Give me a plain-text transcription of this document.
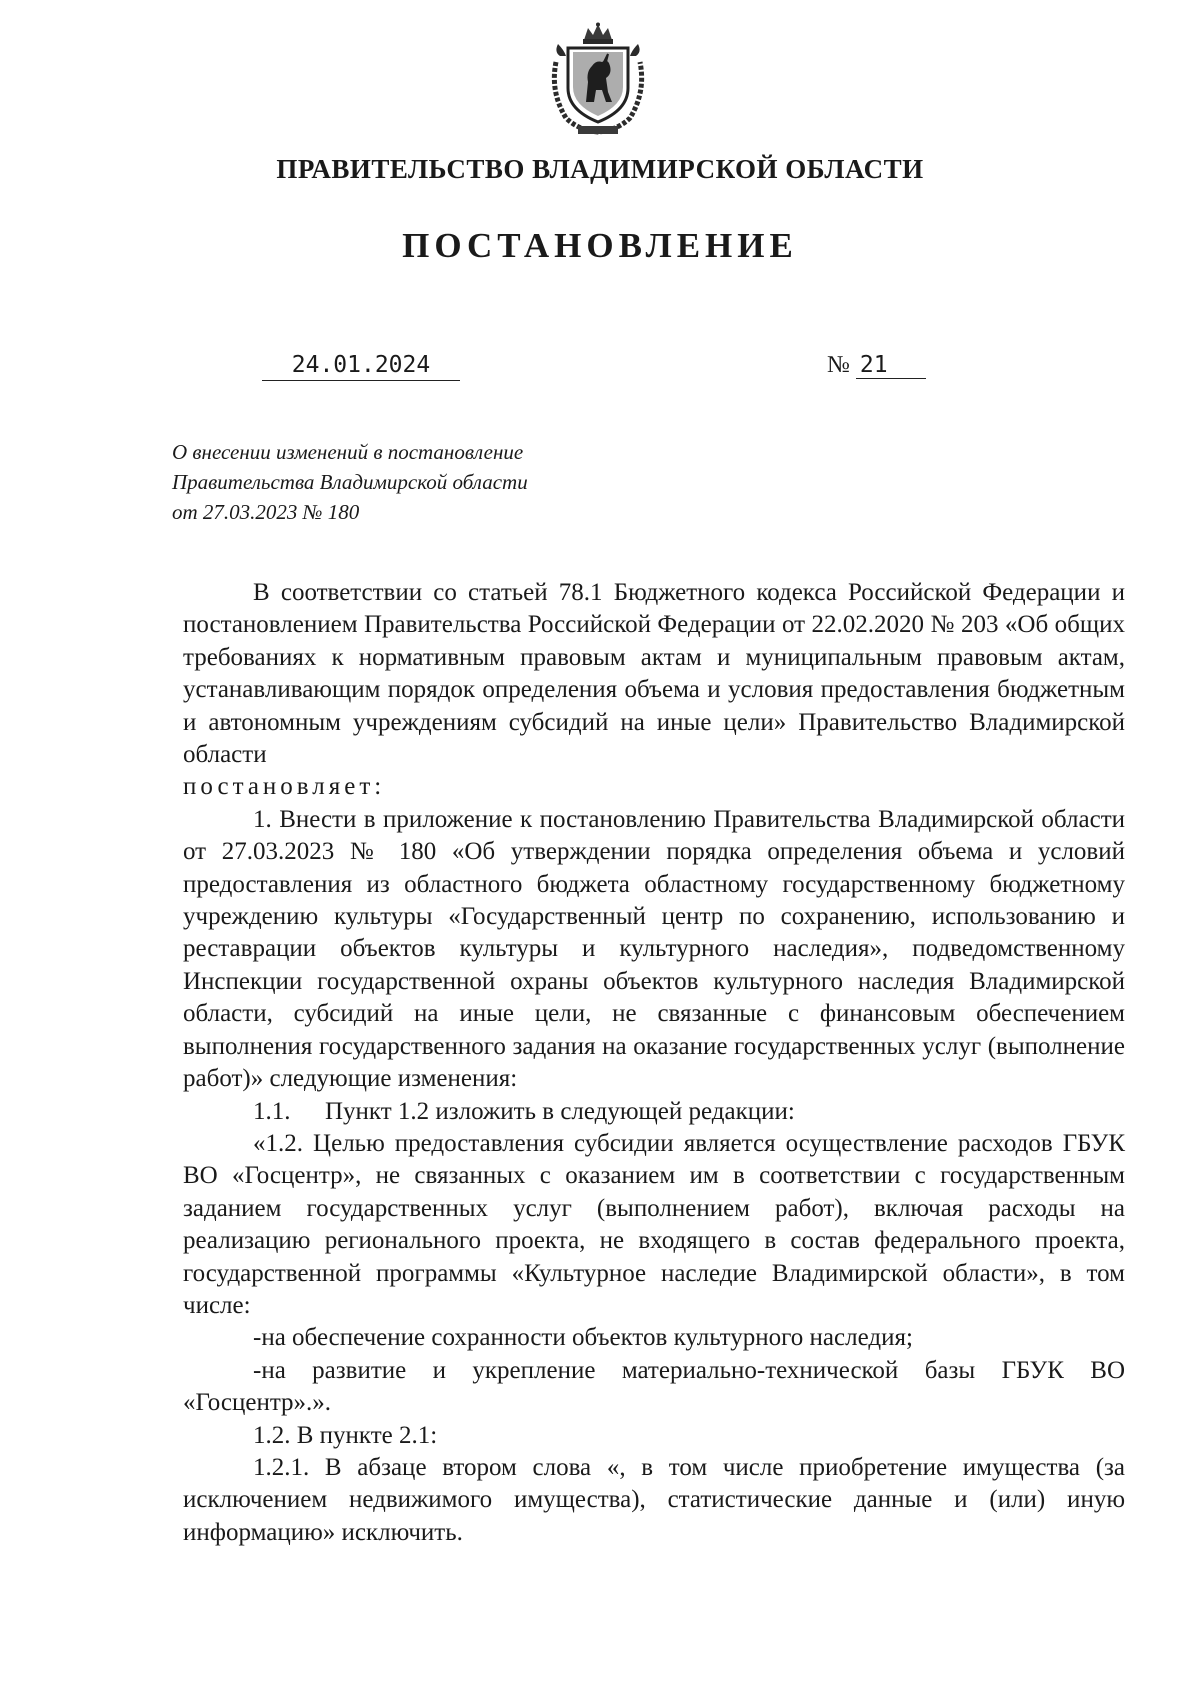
ПРАВИТЕЛЬСТВО ВЛАДИМИРСКОЙ ОБЛАСТИ
ПОСТАНОВЛЕНИЕ
24.01.2024	№ 21
О внесении изменений в постановление
Правительства Владимирской области
от 27.03.2023 № 180

В соответствии со статьей 78.1 Бюджетного кодекса Российской Федерации и постановлением Правительства Российской Федерации от 22.02.2020 № 203 «Об общих требованиях к нормативным правовым актам и муниципальным правовым актам, устанавливающим порядок определения объема и условия предоставления бюджетным и автономным учреждениям субсидий на иные цели» Правительство Владимирской области

постановляет:

1. Внести в приложение к постановлению Правительства Владимирской области от 27.03.2023 № 180 «Об утверждении порядка определения объема и условий предоставления из областного бюджета областному государственному бюджетному учреждению культуры «Государственный центр по сохранению, использованию и реставрации объектов культуры и культурного наследия», подведомственному Инспекции государственной охраны объектов культурного наследия Владимирской области, субсидий на иные цели, не связанные с финансовым обеспечением выполнения государственного задания на оказание государственных услуг (выполнение работ)» следующие изменения:

1.1. Пункт 1.2 изложить в следующей редакции:

«1.2. Целью предоставления субсидии является осуществление расходов ГБУК ВО «Госцентр», не связанных с оказанием им в соответствии с государственным заданием государственных услуг (выполнением работ), включая расходы на реализацию регионального проекта, не входящего в состав федерального проекта, государственной программы «Культурное наследие Владимирской области», в том числе:

-на обеспечение сохранности объектов культурного наследия;

-на развитие и укрепление материально-технической базы ГБУК ВО «Госцентр».».

1.2. В пункте 2.1:

1.2.1. В абзаце втором слова «, в том числе приобретение имущества (за исключением недвижимого имущества), статистические данные и (или) иную информацию» исключить.
